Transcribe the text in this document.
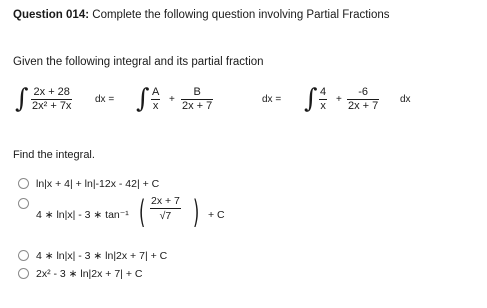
Question 014: Complete the following question involving Partial Fractions
Given the following integral and its partial fraction
∫ $\frac{2x + 28}{\text{2x² + 7x}}$ dx = ∫ $\frac{A}{x} + \frac{B}{2x + 7}$	dx = ∫ $\frac{4}{x} + \frac{-6}{2x + 7}$ dx
Find the integral.
ln|x + 4| + ln|-12x - 42| + C
4 ∗ ln|x| - 3 ∗ tan⁻¹ ( $\frac{2x + 7}{√7}$ ) + C
4 ∗ ln|x| - 3 ∗ ln|2x + 7| + C
2x² - 3 ∗ ln|2x + 7| + C
